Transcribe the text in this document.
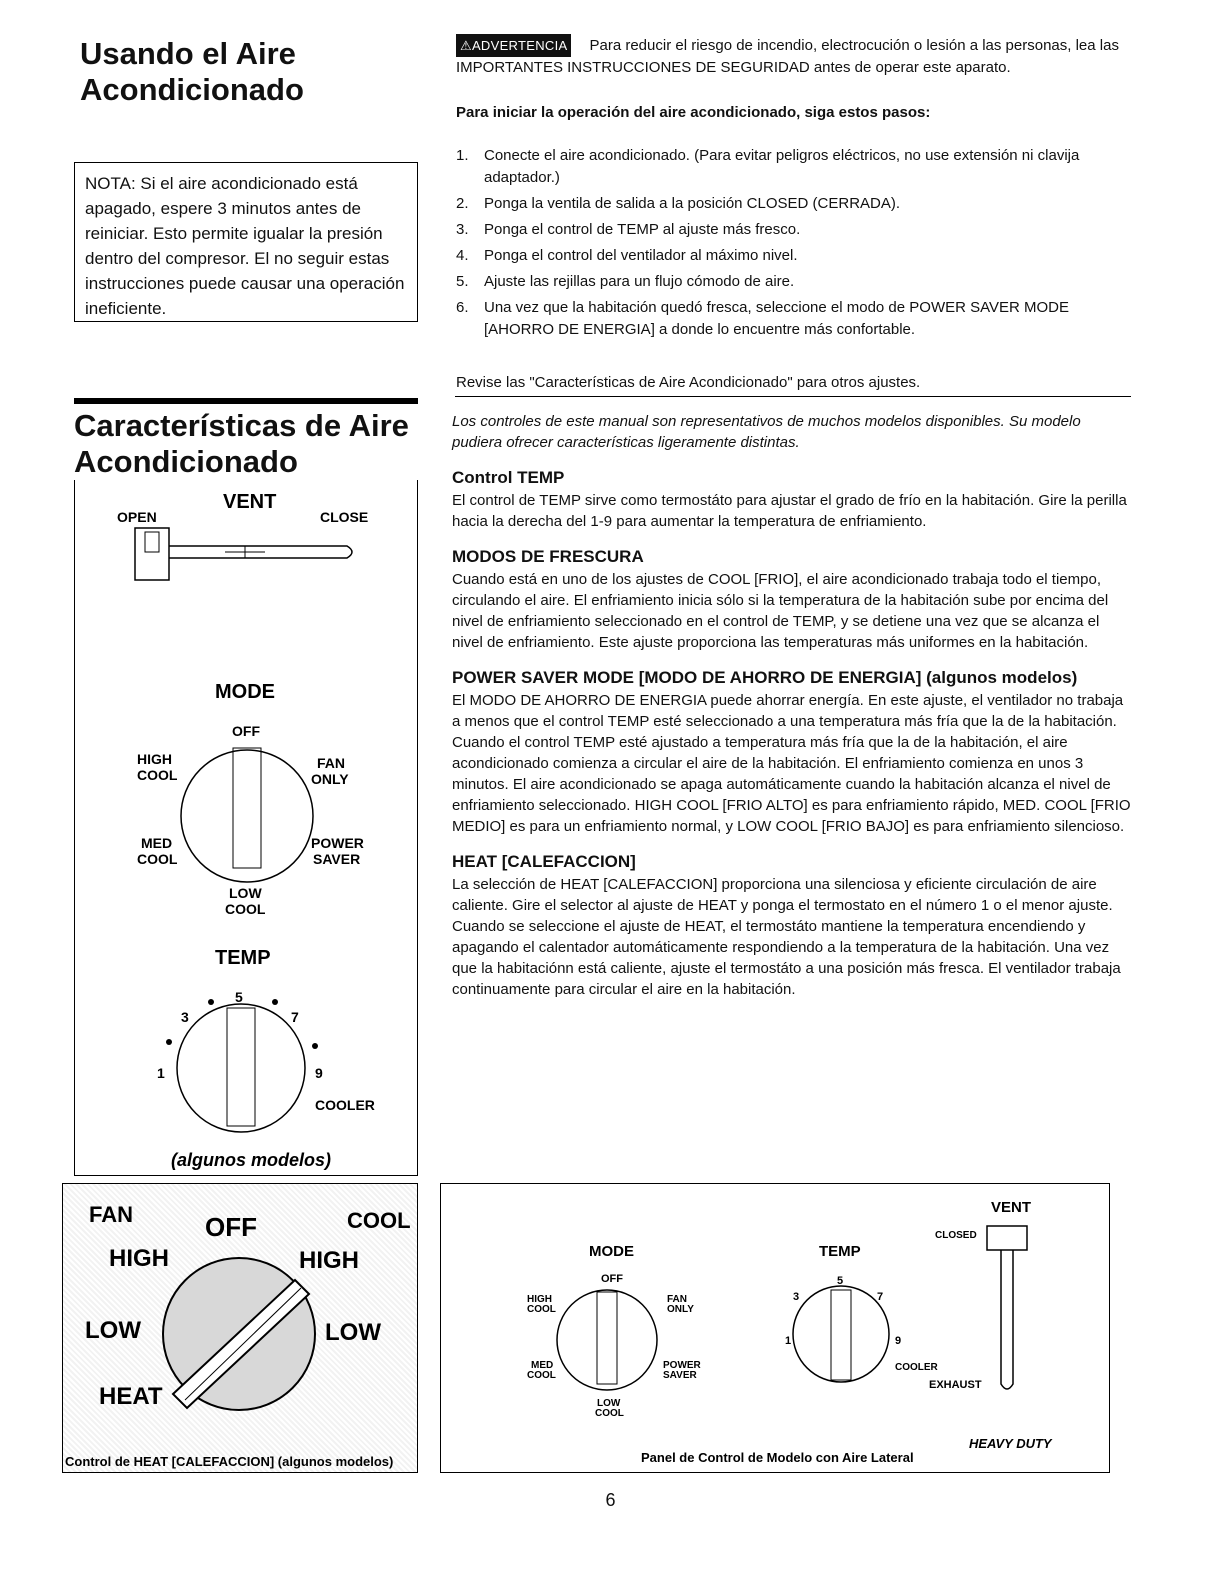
Usando el Aire Acondicionado
NOTA: Si el aire acondicionado está apagado, espere 3 minutos antes de reiniciar. Esto permite igualar la presión dentro del compresor. El no seguir estas instrucciones puede causar una operación ineficiente.
Características de Aire Acondicionado
⚠ADVERTENCIA Para reducir el riesgo de incendio, electrocución o lesión a las personas, lea las IMPORTANTES INSTRUCCIONES DE SEGURIDAD antes de operar este aparato.
Para iniciar la operación del aire acondicionado, siga estos pasos:
1.	Conecte el aire acondicionado. (Para evitar peligros eléctricos, no use extensión ni clavija adaptador.)
2.	Ponga la ventila de salida a la posición CLOSED (CERRADA).
3.	Ponga el control de TEMP al ajuste más fresco.
4.	Ponga el control del ventilador al máximo nivel.
5.	Ajuste las rejillas para un flujo cómodo de aire.
6.	Una vez que la habitación quedó fresca, seleccione el modo de POWER SAVER MODE [AHORRO DE ENERGIA] a donde lo encuentre más confortable.
Revise las "Características de Aire Acondicionado" para otros ajustes.

Los controles de este manual son representativos de muchos modelos disponibles. Su modelo pudiera ofrecer características ligeramente distintas.

Control TEMP

El control de TEMP sirve como termostáto para ajustar el grado de frío en la habitación. Gire la perilla hacia la derecha del 1-9 para aumentar la temperatura de enfriamiento.

MODOS DE FRESCURA

Cuando está en uno de los ajustes de COOL [FRIO], el aire acondicionado trabaja todo el tiempo, circulando el aire. El enfriamiento inicia sólo si la temperatura de la habitación sube por encima del nivel de enfriamiento seleccionado en el control de TEMP, y se detiene una vez que se alcanza el nivel de enfriamiento. Este ajuste proporciona las temperaturas más uniformes en la habitación.

POWER SAVER MODE [MODO DE AHORRO DE ENERGIA] (algunos modelos)

El MODO DE AHORRO DE ENERGIA puede ahorrar energía. En este ajuste, el ventilador no trabaja a menos que el control TEMP esté seleccionado a una temperatura más fría que la de la habitación. Cuando el control TEMP esté ajustado a temperatura más fría que la de la habitación, el aire acondicionado comienza a circular el aire de la habitación. El enfriamiento comienza en unos 3 minutos. El aire acondicionado se apaga automáticamente cuando la habitación alcanza el nivel de enfriamiento seleccionado. HIGH COOL [FRIO ALTO] es para enfriamiento rápido, MED. COOL [FRIO MEDIO] es para un enfriamiento normal, y LOW COOL [FRIO BAJO] es para enfriamiento silencioso.

HEAT [CALEFACCION]

La selección de HEAT [CALEFACCION] proporciona una silenciosa y eficiente circulación de aire caliente. Gire el selector al ajuste de HEAT y ponga el termostato en el número 1 o el menor ajuste. Cuando se seleccione el ajuste de HEAT, el termostáto mantiene la temperatura encendiendo y apagando el calentador automáticamente respondiendo a la temperatura de la habitación. Una vez que la habitaciónn está caliente, ajuste el termostáto a una posición más fresca. El ventilador trabaja continuamente para circular el aire en la habitación.

VENT
OPEN	CLOSE
MODE
OFF
HIGH
COOL
FAN
ONLY
MED
COOL
POWER
SAVER
LOW
COOL
TEMP
5
3	7
1	9
COOLER
(algunos modelos)
FAN	OFF	COOL
HIGH	HIGH
LOW	LOW
HEAT
Control de HEAT [CALEFACCION] (algunos modelos)
MODE
OFF
HIGH
COOL
FAN
ONLY
MED
COOL
POWER
SAVER
LOW
COOL
TEMP
5
3	7
1	9
COOLER
VENT
CLOSED
EXHAUST
HEAVY DUTY
Panel de Control de Modelo con Aire Lateral
6
